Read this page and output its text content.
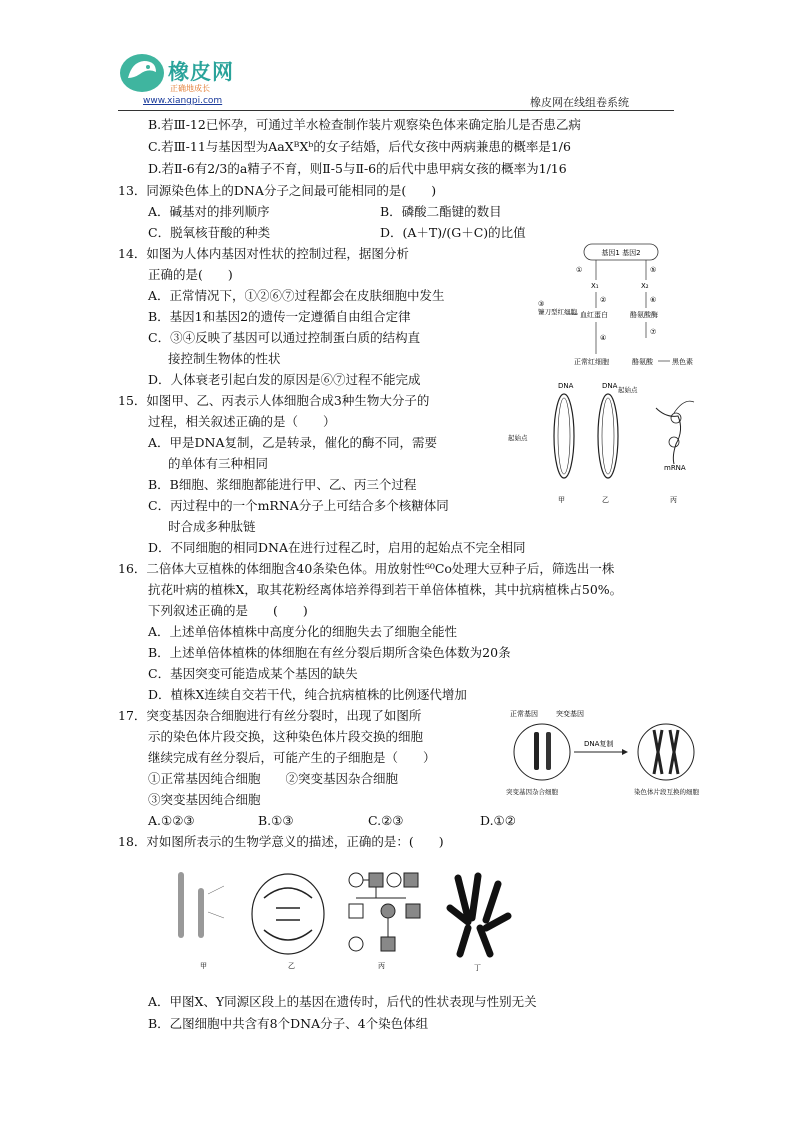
橡皮网
正确地成长
www.xiangpi.com	橡皮网在线组卷系统
B.若Ⅲ-12已怀孕，可通过羊水检查制作装片观察染色体来确定胎儿是否患乙病
C.若Ⅲ-11与基因型为AaXᴮXᵇ的女子结婚，后代女孩中两病兼患的概率是1/6
D.若Ⅱ-6有2/3的a精子不育，则Ⅱ-5与Ⅱ-6的后代中患甲病女孩的概率为1/16
13．同源染色体上的DNA分子之间最可能相同的是(　　)
A．碱基对的排列顺序	B．磷酸二酯键的数目
C．脱氧核苷酸的种类	D．(A＋T)/(G＋C)的比值
14．如图为人体内基因对性状的控制过程，据图分析
正确的是(　　)
A．正常情况下，①②⑥⑦过程都会在皮肤细胞中发生
B．基因1和基因2的遗传一定遵循自由组合定律
C．③④反映了基因可以通过控制蛋白质的结构直
接控制生物体的性状
D．人体衰老引起白发的原因是⑥⑦过程不能完成
15．如图甲、乙、丙表示人体细胞合成3种生物大分子的
过程，相关叙述正确的是（　　）
A．甲是DNA复制，乙是转录，催化的酶不同，需要
的单体有三种相同
B．B细胞、浆细胞都能进行甲、乙、丙三个过程
C．丙过程中的一个mRNA分子上可结合多个核糖体同
时合成多种肽链
D．不同细胞的相同DNA在进行过程乙时，启用的起始点不完全相同
16．二倍体大豆植株的体细胞含40条染色体。用放射性⁶⁰Co处理大豆种子后，筛选出一株
抗花叶病的植株X，取其花粉经离体培养得到若干单倍体植株，其中抗病植株占50%。
下列叙述正确的是　　(　　)
A．上述单倍体植株中高度分化的细胞失去了细胞全能性
B．上述单倍体植株的体细胞在有丝分裂后期所含染色体数为20条
C．基因突变可能造成某个基因的缺失
D．植株X连续自交若干代，纯合抗病植株的比例逐代增加
17．突变基因杂合细胞进行有丝分裂时，出现了如图所
示的染色体片段交换，这种染色体片段交换的细胞
继续完成有丝分裂后，可能产生的子细胞是（　　）
①正常基因纯合细胞　　②突变基因杂合细胞
③突变基因纯合细胞
A.①②③	B.①③	C.②③	D.①②
18．对如图所表示的生物学意义的描述，正确的是：(　　)
A．甲图X、Y同源区段上的基因在遗传时，后代的性状表现与性别无关
B．乙图细胞中共含有8个DNA分子、4个染色体组
基因1 基因2
①	⑤
X₁	X₂
②	⑥
血红蛋白	酪氨酸酶
③
镰刀型红细胞
④
⑦
正常红细胞	酪氨酸	黑色素
DNA
起始点
DNA 起始点
mRNA
甲	乙	丙
正常基因	突变基因
DNA复制
突变基因杂合细胞	染色体片段互换的细胞
甲	乙	丙	丁
